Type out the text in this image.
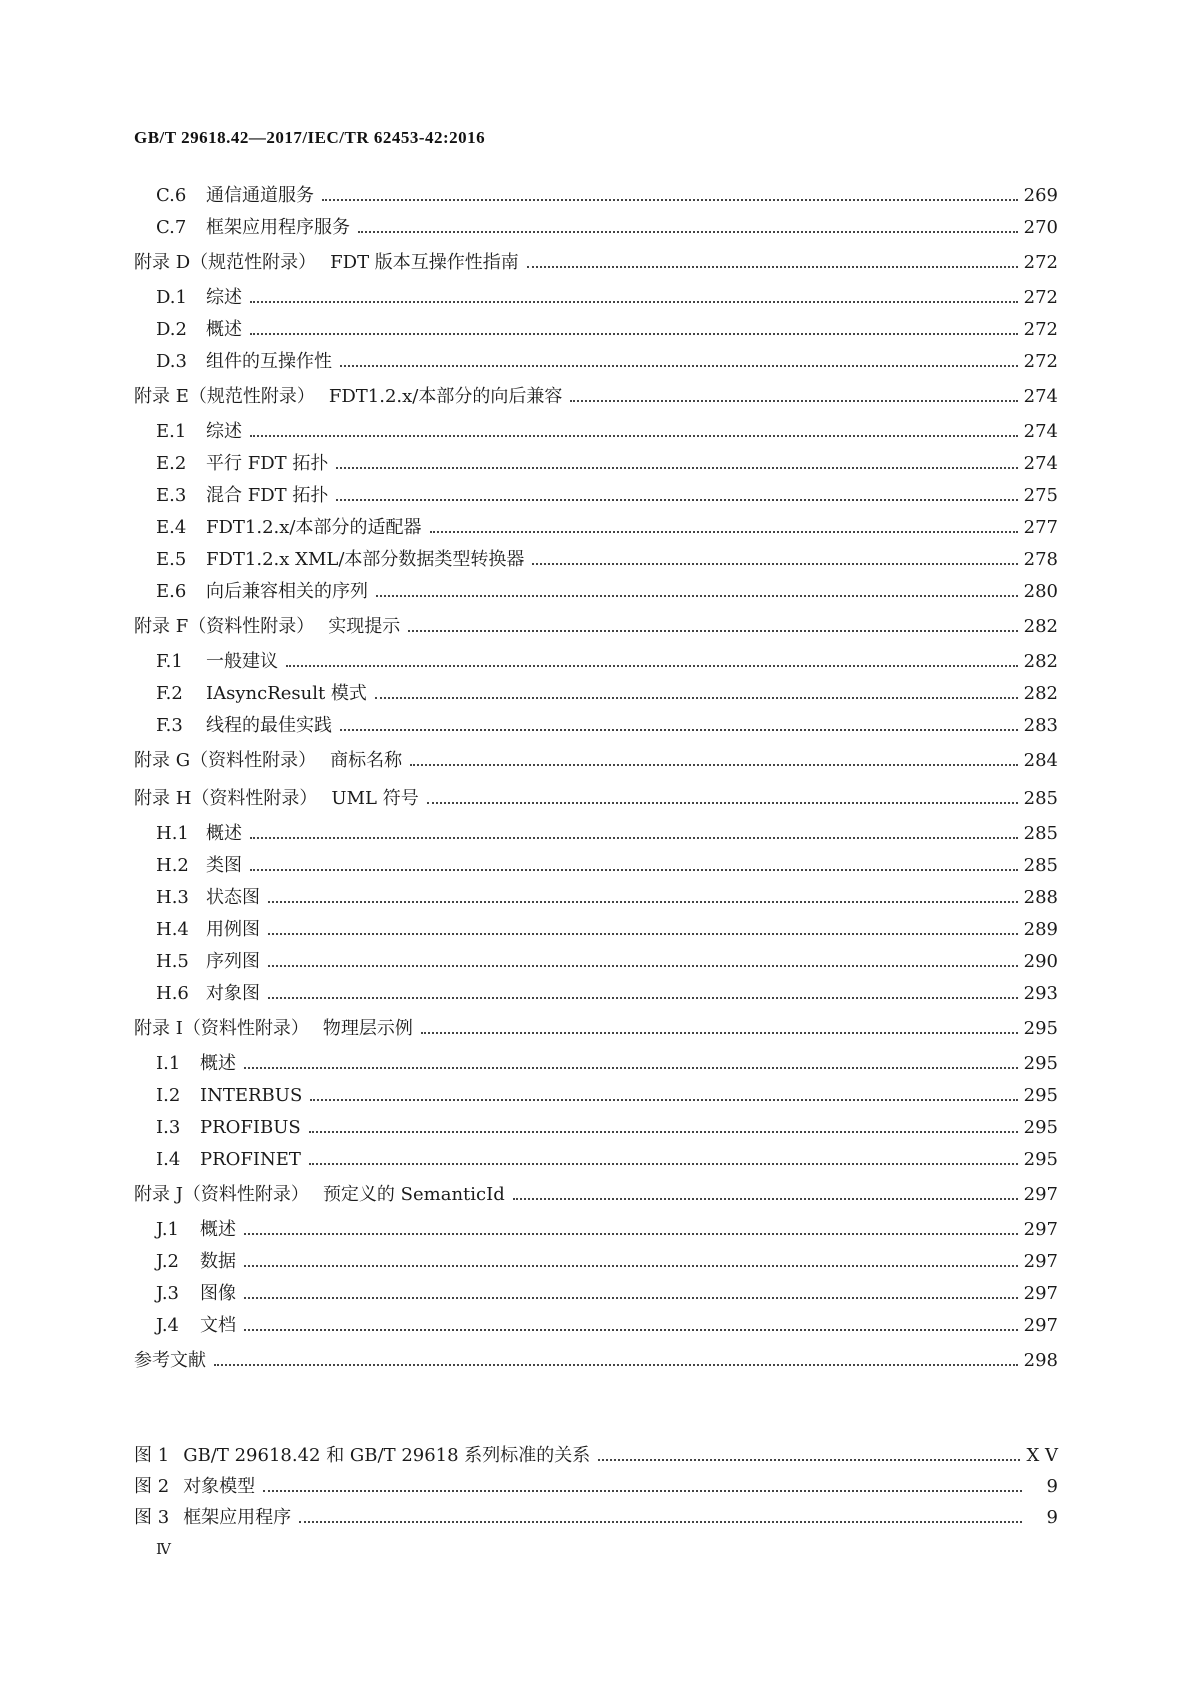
GB/T 29618.42—2017/IEC/TR 62453-42:2016
C.6	通信通道服务	269
C.7	框架应用程序服务	270
附录 D（规范性附录） FDT 版本互操作性指南	272
D.1	综述	272
D.2	概述	272
D.3	组件的互操作性	272
附录 E（规范性附录） FDT1.2.x/本部分的向后兼容	274
E.1	综述	274
E.2	平行 FDT 拓扑	274
E.3	混合 FDT 拓扑	275
E.4	FDT1.2.x/本部分的适配器	277
E.5	FDT1.2.x XML/本部分数据类型转换器	278
E.6	向后兼容相关的序列	280
附录 F（资料性附录） 实现提示	282
F.1	一般建议	282
F.2	IAsyncResult 模式	282
F.3	线程的最佳实践	283
附录 G（资料性附录） 商标名称	284
附录 H（资料性附录） UML 符号	285
H.1 概述	285
H.2 类图	285
H.3 状态图	288
H.4 用例图	289
H.5 序列图	290
H.6 对象图	293
附录 I（资料性附录） 物理层示例	295
I.1	概述	295
I.2	INTERBUS	295
I.3	PROFIBUS	295
I.4	PROFINET	295
附录 J（资料性附录） 预定义的 SemanticId	297
J.1	概述	297
J.2	数据	297
J.3	图像	297
J.4	文档	297
参考文献	298
图 1 GB/T 29618.42 和 GB/T 29618 系列标准的关系	Ⅹ Ⅴ
图 2 对象模型	9
图 3 框架应用程序	9
Ⅳ
